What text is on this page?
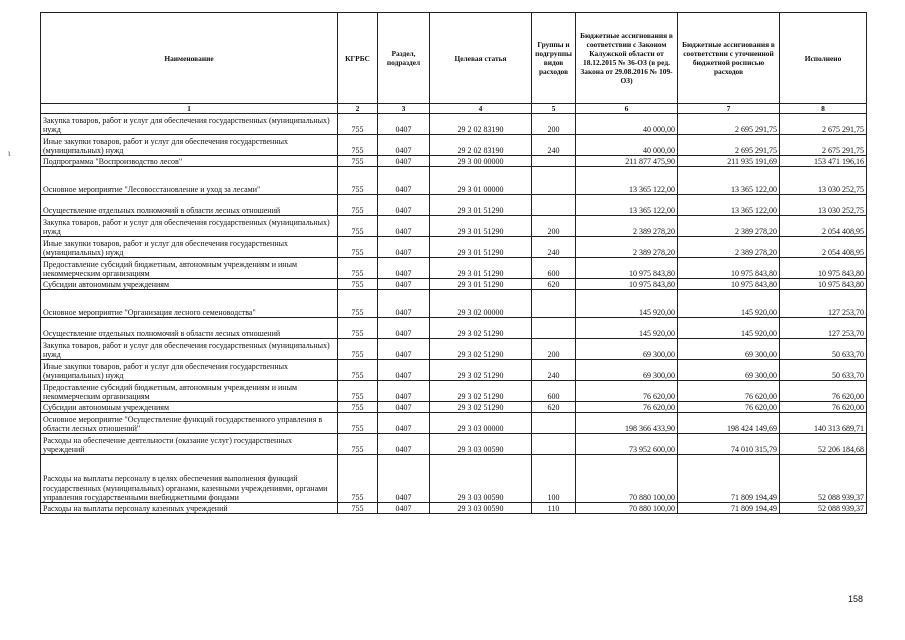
ι
Наименование	КГРБС	Раздел, подраздел	Целевая статья	Группы и подгруппы видов расходов	Бюджетные ассигнования в соответствии с Законом Калужской области от 18.12.2015 № 36-ОЗ (в ред. Закона от 29.08.2016 № 109-ОЗ)	Бюджетные ассигнования в соответствии с уточненной бюджетной росписью расходов	Исполнено
1	2	3	4	5	6	7	8
Закупка товаров, работ и услуг для обеспечения государственных (муниципальных) нужд	755	0407	29 2 02 83190	200	40 000,00	2 695 291,75	2 675 291,75
Иные закупки товаров, работ и услуг для обеспечения государственных (муниципальных) нужд	755	0407	29 2 02 83190	240	40 000,00	2 695 291,75	2 675 291,75
Подпрограмма "Воспроизводство лесов"	755	0407	29 3 00 00000		211 877 475,90	211 935 191,69	153 471 196,16
Основное мероприятие "Лесовосстановление и уход за лесами"	755	0407	29 3 01 00000		13 365 122,00	13 365 122,00	13 030 252,75
Осуществление отдельных полномочий в области лесных отношений	755	0407	29 3 01 51290		13 365 122,00	13 365 122,00	13 030 252,75
Закупка товаров, работ и услуг для обеспечения государственных (муниципальных) нужд	755	0407	29 3 01 51290	200	2 389 278,20	2 389 278,20	2 054 408,95
Иные закупки товаров, работ и услуг для обеспечения государственных (муниципальных) нужд	755	0407	29 3 01 51290	240	2 389 278,20	2 389 278,20	2 054 408,95
Предоставление субсидий бюджетным, автономным учреждениям и иным некоммерческим организациям	755	0407	29 3 01 51290	600	10 975 843,80	10 975 843,80	10 975 843,80
Субсидии автономным учреждениям	755	0407	29 3 01 51290	620	10 975 843,80	10 975 843,80	10 975 843,80
Основное мероприятие "Организация лесного семеноводства"	755	0407	29 3 02 00000		145 920,00	145 920,00	127 253,70
Осуществление отдельных полномочий в области лесных отношений	755	0407	29 3 02 51290		145 920,00	145 920,00	127 253,70
Закупка товаров, работ и услуг для обеспечения государственных (муниципальных) нужд	755	0407	29 3 02 51290	200	69 300,00	69 300,00	50 633,70
Иные закупки товаров, работ и услуг для обеспечения государственных (муниципальных) нужд	755	0407	29 3 02 51290	240	69 300,00	69 300,00	50 633,70
Предоставление субсидий бюджетным, автономным учреждениям и иным некоммерческим организациям	755	0407	29 3 02 51290	600	76 620,00	76 620,00	76 620,00
Субсидии автономным учреждениям	755	0407	29 3 02 51290	620	76 620,00	76 620,00	76 620,00
Основное мероприятие "Осуществление функций государственного управления в области лесных отношений"	755	0407	29 3 03 00000		198 366 433,90	198 424 149,69	140 313 689,71
Расходы на обеспечение деятельности (оказание услуг) государственных учреждений	755	0407	29 3 03 00590		73 952 600,00	74 010 315,79	52 206 184,68
Расходы на выплаты персоналу в целях обеспечения выполнения функций государственных (муниципальных) органами, казенными учреждениями, органами управления государственными внебюджетными фондами	755	0407	29 3 03 00590	100	70 880 100,00	71 809 194,49	52 088 939,37
Расходы на выплаты персоналу казенных учреждений	755	0407	29 3 03 00590	110	70 880 100,00	71 809 194,49	52 088 939,37
158
